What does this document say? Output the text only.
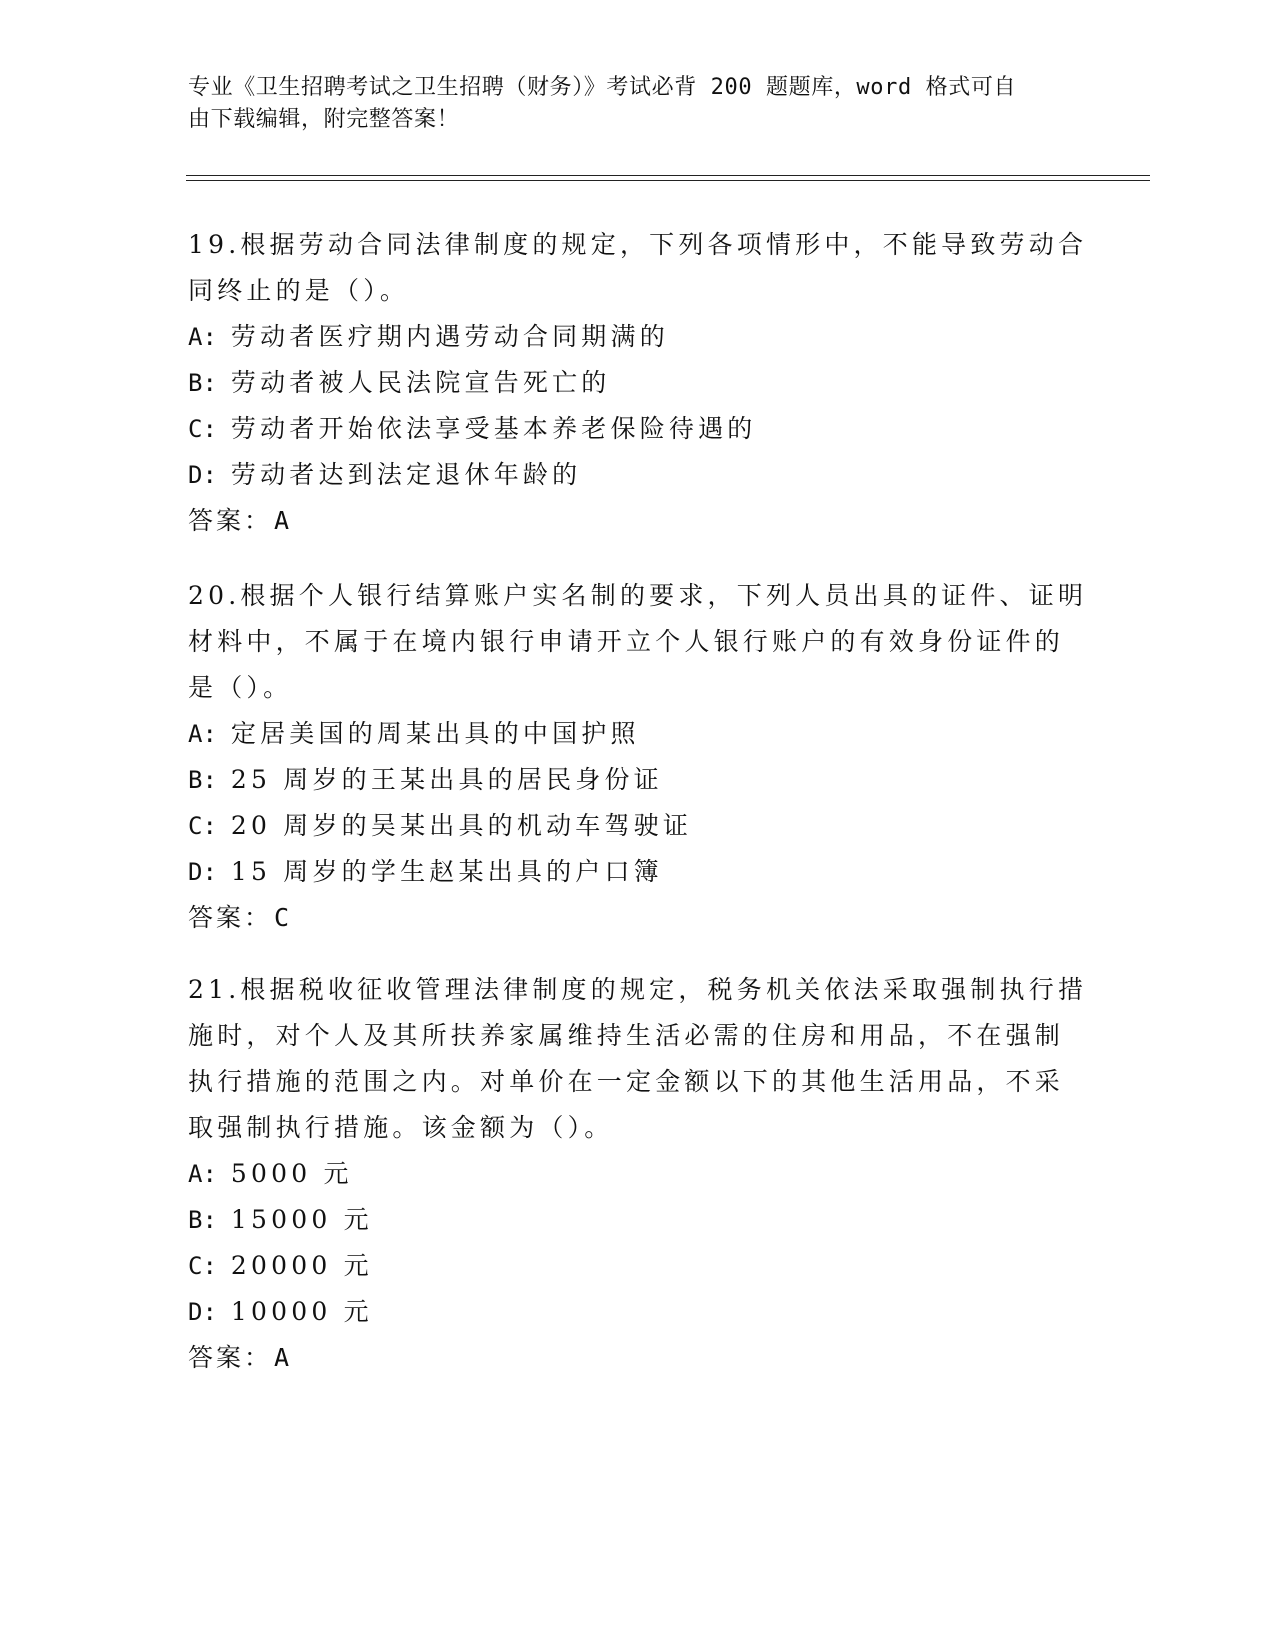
专业《卫生招聘考试之卫生招聘（财务）》考试必背 200 题题库，word 格式可自
由下载编辑，附完整答案！
19.根据劳动合同法律制度的规定，下列各项情形中，不能导致劳动合
同终止的是（）。
A: 劳动者医疗期内遇劳动合同期满的
B: 劳动者被人民法院宣告死亡的
C: 劳动者开始依法享受基本养老保险待遇的
D: 劳动者达到法定退休年龄的
答案：A
20.根据个人银行结算账户实名制的要求，下列人员出具的证件、证明
材料中，不属于在境内银行申请开立个人银行账户的有效身份证件的
是（）。
A: 定居美国的周某出具的中国护照
B: 25 周岁的王某出具的居民身份证
C: 20 周岁的吴某出具的机动车驾驶证
D: 15 周岁的学生赵某出具的户口簿
答案：C
21.根据税收征收管理法律制度的规定，税务机关依法采取强制执行措
施时，对个人及其所扶养家属维持生活必需的住房和用品，不在强制
执行措施的范围之内。对单价在一定金额以下的其他生活用品，不采
取强制执行措施。该金额为（）。
A: 5000 元
B: 15000 元
C: 20000 元
D: 10000 元
答案：A
